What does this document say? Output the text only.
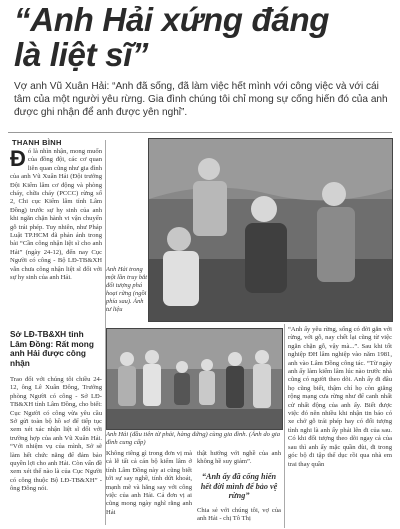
“Anh Hải xứng đáng
là liệt sĩ”
Vợ anh Vũ Xuân Hải: “Anh đã sống, đã làm việc hết mình với công việc và với cái tâm của một người yêu rừng. Gia đình chúng tôi chỉ mong sự cống hiến đó của anh được ghi nhận để anh được yên nghỉ”.
THANH BÌNH
Đ ó là nhìn nhận, mong muốn của đồng đội, các cơ quan liên quan cũng như gia đình của anh Vũ Xuân Hải (Đội trưởng Đội Kiểm lâm cơ động và phòng cháy, chữa cháy (PCCC) rừng số 2, Chi cục Kiểm lâm tỉnh Lâm Đồng) trước sự hy sinh của anh khi ngăn chặn hành vi vận chuyển gỗ trái phép. Tuy nhiên, như Pháp Luật TP.HCM đã phản ánh trong bài “Cần công nhận liệt sĩ cho anh Hải” (ngày 24-12), đến nay Cục Người có công - Bộ LĐ-TB&XH vẫn chưa công nhận liệt sĩ đối với sự hy sinh của anh Hải.
Sở LĐ-TB&XH tỉnh Lâm Đồng: Rất mong anh Hải được công nhận
Trao đổi với chúng tôi chiều 24-12, ông Lê Xuân Đông, Trưởng phòng Người có công - Sở LĐ-TB&XH tỉnh Lâm Đồng, cho biết: Cục Người có công vừa yêu cầu Sở gửi toàn bộ hồ sơ để tiếp tục xem xét xác nhận liệt sĩ đối với trường hợp của anh Vũ Xuân Hải. “Với nhiệm vụ của mình, Sở sẽ làm hết chức năng để đảm bảo quyền lợi cho anh Hải. Còn vấn đề xem xét thế nào là của Cục Người có công thuộc Bộ LĐ-TB&XH” - ông Đông nói.
Anh Hải trong một lần truy bắt đối tượng phá hoại rừng (ngồi phía sau). Ảnh tư liệu
Anh Hải (đầu tiên từ phải, hàng đứng) cùng gia đình. (Ảnh do gia đình cung cấp)
Không riêng gì trong đơn vị mà cả lễ tất cả cán bộ kiểm lâm ở tỉnh Lâm Đồng này ai cũng biết tới sự say nghề, tính dứt khoát, mạnh mẽ và hăng say với công việc của anh Hải. Cả đơn vị ai cũng mong ngày nghĩ rằng anh Hải
thật hướng với nghề của anh không hề suy giảm”.
“Anh ấy đã cống hiến hết đời mình để bảo vệ rừng”
Chia sẻ với chúng tôi, vợ của anh Hải - chị Tô Thị
“Anh ấy yêu rừng, sống có đời gắn với rừng, với gỗ, nay chết lại cũng từ việc ngăn chặn gỗ, vậy mà...”. Sau khi tốt nghiệp ĐH lâm nghiệp vào năm 1981, anh vào Lâm Đồng công tác. “Từ ngày anh ấy làm kiểm lâm lúc nào trước nhà cũng có người theo dõi. Anh ấy đi đâu họ cũng biết, thậm chí họ còn giăng rộng mạng cưa rừng như để canh nhất cử nhất động của anh ấy. Biết được việc đó nên nhiều khi nhận tin báo có xe chở gỗ trái phép hay có đối tượng tình nghi là anh ấy phải lên đi của sau. Có khi đối tượng theo dõi ngay cả của sau thì anh ấy mặc quần đùi, đi trong góc bộ đi tập thể dục rồi qua nhà em trai thay quần
